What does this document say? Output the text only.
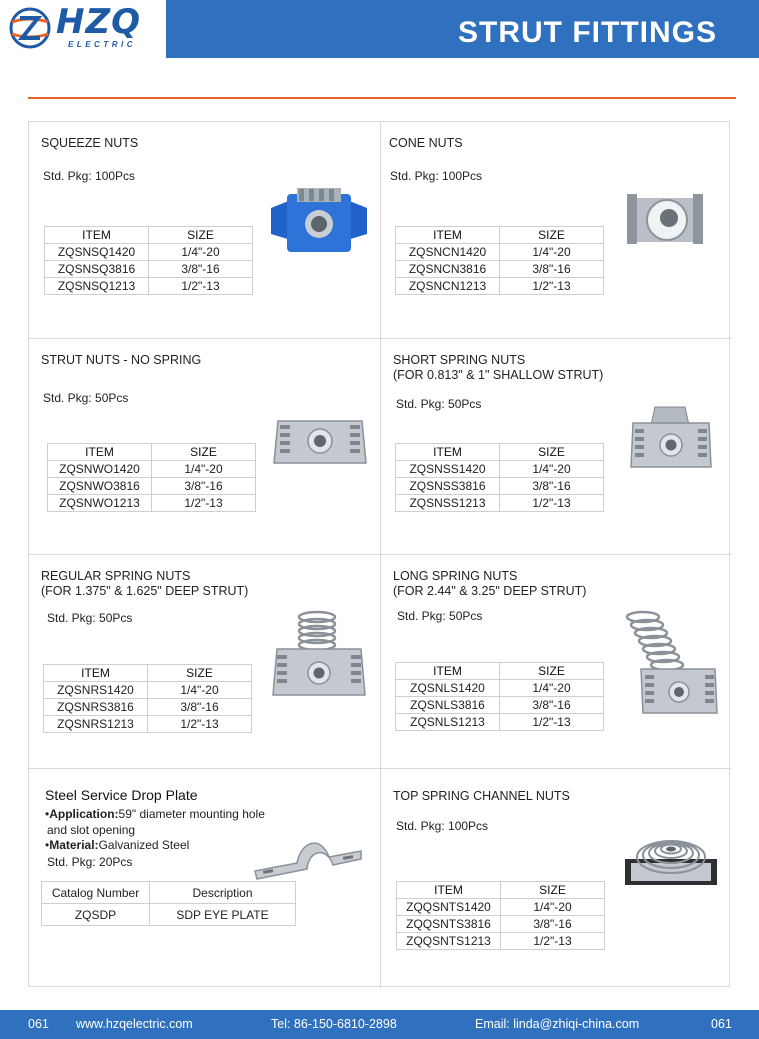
HZQ
ELECTRIC	STRUT FITTINGS
SQUEEZE NUTS
Std. Pkg: 100Pcs
ITEM	SIZE
ZQSNSQ1420	1/4"-20
ZQSNSQ3816	3/8"-16
ZQSNSQ1213	1/2"-13
CONE NUTS
Std. Pkg: 100Pcs
ITEM	SIZE
ZQSNCN1420	1/4"-20
ZQSNCN3816	3/8"-16
ZQSNCN1213	1/2"-13
STRUT NUTS - NO SPRING
Std. Pkg: 50Pcs
ITEM	SIZE
ZQSNWO1420	1/4"-20
ZQSNWO3816	3/8"-16
ZQSNWO1213	1/2"-13
SHORT SPRING NUTS
(FOR 0.813" & 1" SHALLOW STRUT)
Std. Pkg: 50Pcs
ITEM	SIZE
ZQSNSS1420	1/4"-20
ZQSNSS3816	3/8"-16
ZQSNSS1213	1/2"-13
REGULAR SPRING NUTS
(FOR 1.375" & 1.625" DEEP STRUT)
Std. Pkg: 50Pcs
ITEM	SIZE
ZQSNRS1420	1/4"-20
ZQSNRS3816	3/8"-16
ZQSNRS1213	1/2"-13
LONG SPRING NUTS
(FOR 2.44" & 3.25" DEEP STRUT)
Std. Pkg: 50Pcs
ITEM	SIZE
ZQSNLS1420	1/4"-20
ZQSNLS3816	3/8"-16
ZQSNLS1213	1/2"-13
Steel Service Drop Plate
•Application:59" diameter mounting hole
and slot opening
•Material:Galvanized Steel
Std. Pkg: 20Pcs
Catalog Number	Description
ZQSDP	SDP EYE PLATE
TOP SPRING CHANNEL NUTS
Std. Pkg: 100Pcs
ITEM	SIZE
ZQQSNTS1420	1/4"-20
ZQQSNTS3816	3/8"-16
ZQQSNTS1213	1/2"-13
061 www.hzqelectric.com	Tel: 86-150-6810-2898	Email: linda@zhiqi-china.com	061
